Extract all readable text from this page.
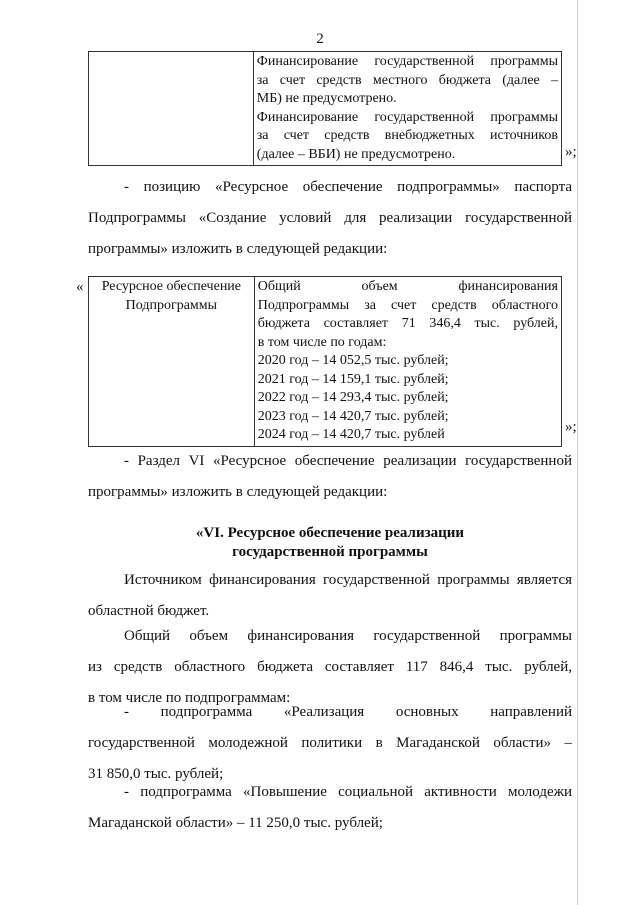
2

Финансирование государственной программы
за счет средств местного бюджета (далее –
МБ) не предусмотрено.
Финансирование государственной программы
за счет средств внебюджетных источников
(далее – ВБИ) не предусмотрено.	»;
- позицию «Ресурсное обеспечение подпрограммы» паспорта
Подпрограммы «Создание условий для реализации государственной
программы» изложить в следующей редакции:
«	Ресурсное обеспечение
Подпрограммы

Общий объем финансирования
Подпрограммы за счет средств областного
бюджета составляет 71 346,4 тыс. рублей,
в том числе по годам:
2020 год – 14 052,5 тыс. рублей;
2021 год – 14 159,1 тыс. рублей;
2022 год – 14 293,4 тыс. рублей;
2023 год – 14 420,7 тыс. рублей;
2024 год – 14 420,7 тыс. рублей	»;
- Раздел VI «Ресурсное обеспечение реализации государственной
программы» изложить в следующей редакции:
«VI. Ресурсное обеспечение реализации
государственной программы
Источником финансирования государственной программы является
областной бюджет.
Общий объем финансирования государственной программы
из средств областного бюджета составляет 117 846,4 тыс. рублей,
в том числе по подпрограммам:
- подпрограмма «Реализация основных направлений
государственной молодежной политики в Магаданской области» –
31 850,0 тыс. рублей;
- подпрограмма «Повышение социальной активности молодежи
Магаданской области» – 11 250,0 тыс. рублей;
